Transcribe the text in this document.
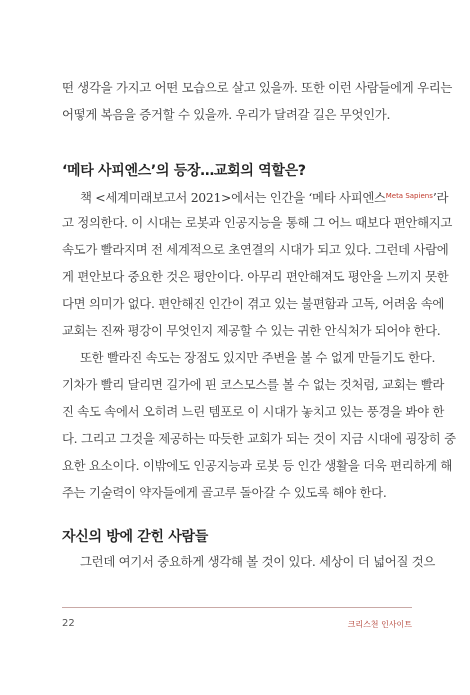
떤 생각을 가지고 어떤 모습으로 살고 있을까. 또한 이런 사람들에게 우리는
어떻게 복음을 증거할 수 있을까. 우리가 달려갈 길은 무엇인가.
‘메타 사피엔스’의 등장…교회의 역할은?
책 <세계미래보고서 2021>에서는 인간을 ‘메타 사피엔스$^{Meta Sapiens}$’라
고 정의한다. 이 시대는 로봇과 인공지능을 통해 그 어느 때보다 편안해지고
속도가 빨라지며 전 세계적으로 초연결의 시대가 되고 있다. 그런데 사람에
게 편안보다 중요한 것은 평안이다. 아무리 편안해져도 평안을 느끼지 못한
다면 의미가 없다. 편안해진 인간이 겪고 있는 불편함과 고독, 어려움 속에
교회는 진짜 평강이 무엇인지 제공할 수 있는 귀한 안식처가 되어야 한다.
또한 빨라진 속도는 장점도 있지만 주변을 볼 수 없게 만들기도 한다.
기차가 빨리 달리면 길가에 핀 코스모스를 볼 수 없는 것처럼, 교회는 빨라
진 속도 속에서 오히려 느린 템포로 이 시대가 놓치고 있는 풍경을 봐야 한
다. 그리고 그것을 제공하는 따듯한 교회가 되는 것이 지금 시대에 굉장히 중
요한 요소이다. 이밖에도 인공지능과 로봇 등 인간 생활을 더욱 편리하게 해
주는 기술력이 약자들에게 골고루 돌아갈 수 있도록 해야 한다.
자신의 방에 갇힌 사람들
그런데 여기서 중요하게 생각해 볼 것이 있다. 세상이 더 넓어질 것으
22	크리스천 인사이트
